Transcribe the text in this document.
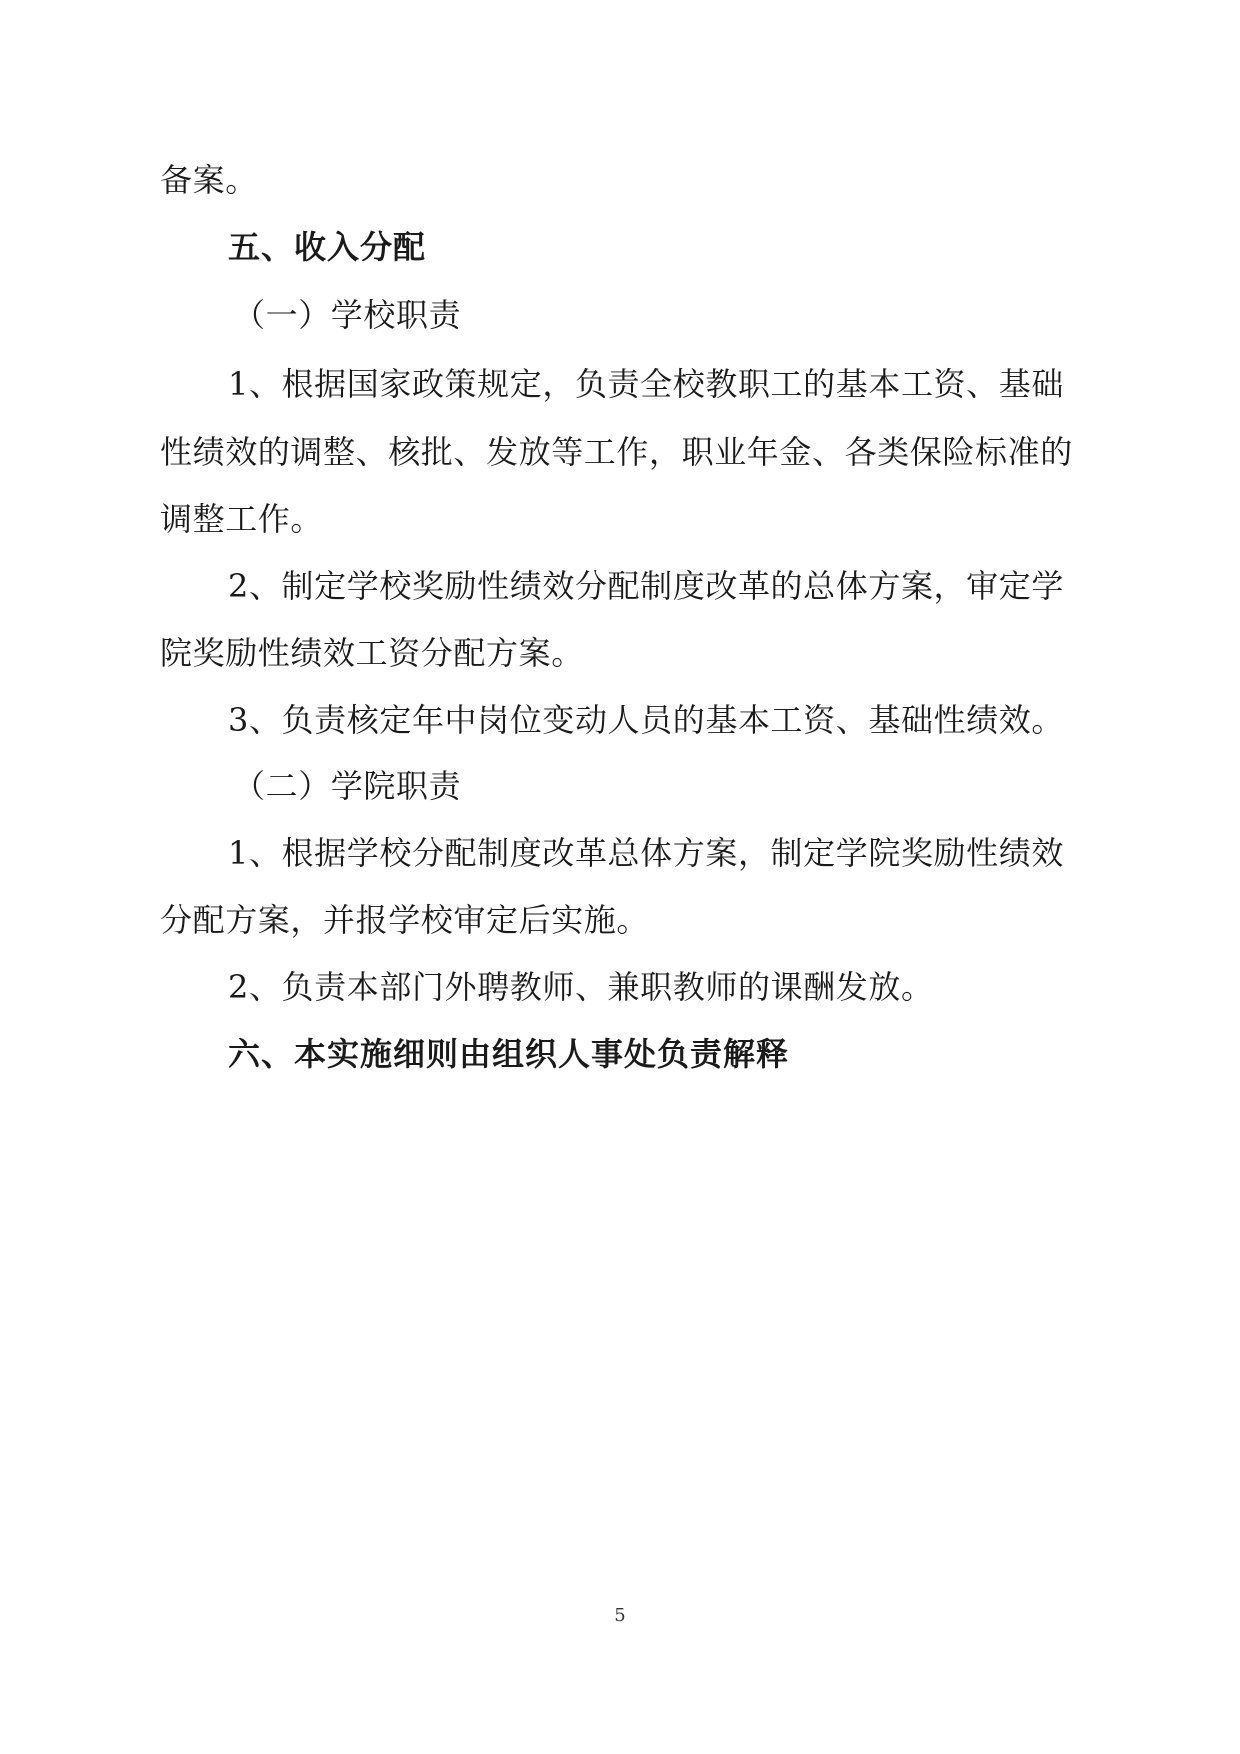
备案。

五、收入分配

（一）学校职责

1、根据国家政策规定，负责全校教职工的基本工资、基础

性绩效的调整、核批、发放等工作，职业年金、各类保险标准的

调整工作。

2、制定学校奖励性绩效分配制度改革的总体方案，审定学

院奖励性绩效工资分配方案。

3、负责核定年中岗位变动人员的基本工资、基础性绩效。

（二）学院职责

1、根据学校分配制度改革总体方案，制定学院奖励性绩效

分配方案，并报学校审定后实施。

2、负责本部门外聘教师、兼职教师的课酬发放。

六、本实施细则由组织人事处负责解释

5
